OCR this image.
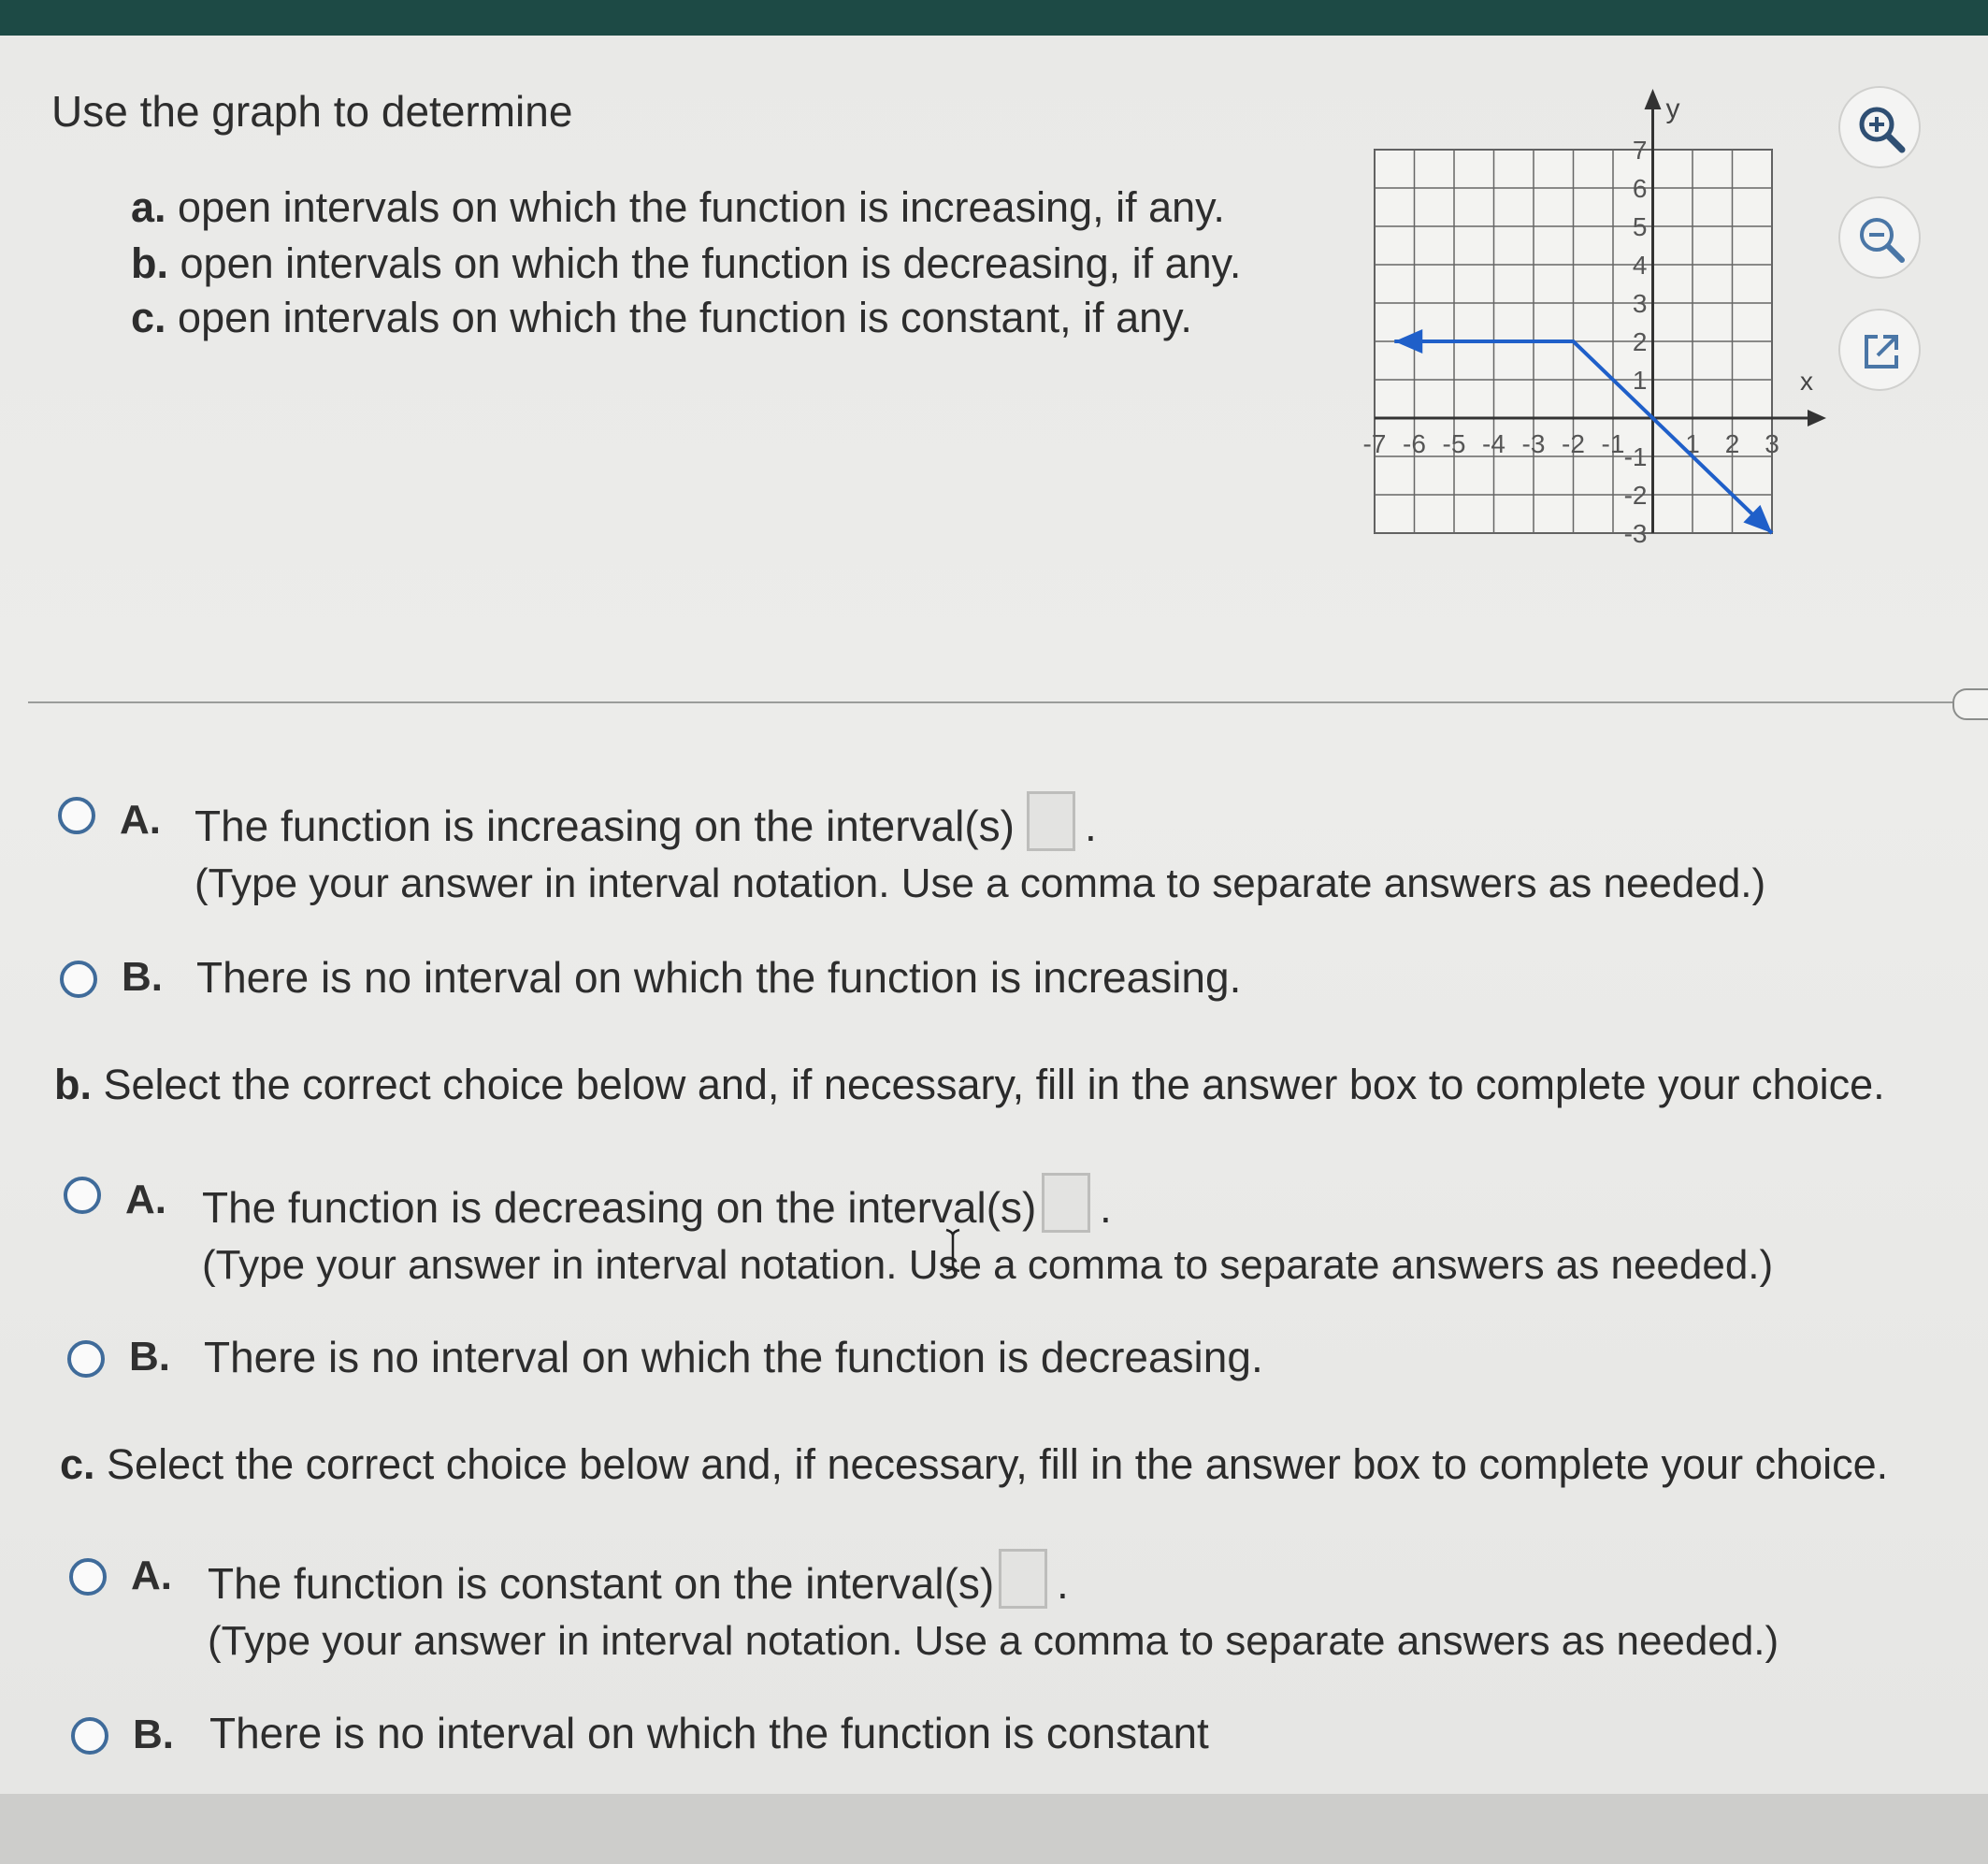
Use the graph to determine
a. open intervals on which the function is increasing, if any.
b. open intervals on which the function is decreasing, if any.
c. open intervals on which the function is constant, if any.
x
y
-7 -6 -5 -4 -3 -2 -1 1 2 3
7
6
5
4
3
2
1
-1
-2
-3
A. The function is increasing on the interval(s) .
(Type your answer in interval notation. Use a comma to separate answers as needed.)
B. There is no interval on which the function is increasing.
b. Select the correct choice below and, if necessary, fill in the answer box to complete your choice.
A. The function is decreasing on the interval(s) .
(Type your answer in interval notation. Use a comma to separate answers as needed.)
B. There is no interval on which the function is decreasing.
c. Select the correct choice below and, if necessary, fill in the answer box to complete your choice.
A. The function is constant on the interval(s) .
(Type your answer in interval notation. Use a comma to separate answers as needed.)
B. There is no interval on which the function is constant
